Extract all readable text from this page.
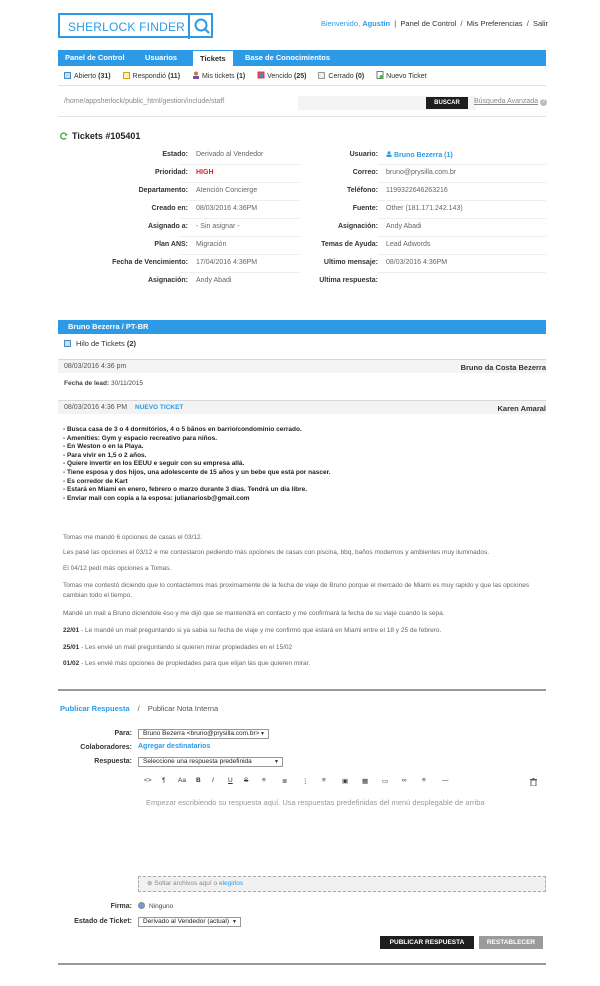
SHERLOCK FINDER	Bienvenido, Agustín  |  Panel de Control  /  Mis Preferencias  /  Salir
Panel de Control	Usuarios	Tickets	Base de Conocimientos
Abierto (31)	Respondió (11)	Mis tickets (1)	Vencido (25)	Cerrado (0)	Nuevo Ticket
/home/appsherlock/public_html/gestion/include/staff	BUSCAR	Búsqueda Avanzada ?
Tickets #105401
Estado: Derivado al Vendedor
Prioridad: HIGH
Departamento: Atención Concierge
Creado en: 08/03/2016 4:36PM
Asignado a: - Sin asignar -
Plan ANS: Migración
Fecha de Vencimiento: 17/04/2016 4:36PM
Asignación: Andy Abadi
Usuario:	Bruno Bezerra (1)
Correo: bruno@prysilla.com.br
Teléfono: 1199322646263216
Fuente: Other (181.171.242.143)
Asignación: Andy Abadi
Temas de Ayuda: Lead Adwords
Ultimo mensaje: 08/03/2016 4:36PM
Ultima respuesta:
Bruno Bezerra / PT-BR
Hilo de Tickets (2)
08/03/2016 4:36 pm	Bruno da Costa Bezerra
Fecha de lead: 30/11/2015
08/03/2016 4:36 PM NUEVO TICKET	Karen Amaral
- Busca casa de 3 o 4 dormitórios, 4 o 5 bãnos en barrio/condominio cerrado.
- Amenities: Gym y espacio recreativo para niños.
- En Weston o en la Playa.
- Para vivir en 1,5 o 2 años.
- Quiere invertir en los EEUU e seguir con su empresa allá.
- Tiene esposa y dos hijos, una adolescente de 15 años y un bebe que está por nascer.
- Es corredor de Kart
- Estará en Miami en enero, febrero o marzo durante 3 días. Tendrá un día libre.
- Enviar mail con copia a la esposa: julianariosb@gmail.com
Tomas me mandó 6 opciones de casas el 03/12.
Les pasé las opciones el 03/12 e me contestaron pediendo más opciones de casas con piscina, bbq, baños modernos y ambientes muy iluminados.
El 04/12 pedí más opciones a Tomas.
Tomas me contestó diciendo que lo contactemos mas proximamente de la fecha de viaje de Bruno porque el mercado de Miami es muy rapido y que las opciones cambian todo el tiempo.
Mandé un mail a Bruno diciendole éso y me dijó que se mantendrá en contacto y me confirmará la fecha de su viaje cuando la sepa.
22/01 - Le mandé un mail preguntando si ya sabia su fecha de viaje y me confirmó que estará en Miami entre el 18 y 25 de febrero.
25/01 - Les envié un mail preguntando si quieren mirar propiedades en el 15/02
01/02 - Les envié más opciones de propiedades para que elijan las que quieren mirar.
Publicar Respuesta / Publicar Nota Interna
Para:	Bruno Bezerra <bruno@prysilla.com.br> ▼
Colaboradores: Agregar destinatarios
Respuesta:	Seleccione una respuesta predefinida ▼
<> ¶ Aa B I U S ≡ ≣ ⋮ ≡ ▣ ▦ ▭ ∞ ≡ —
Empezar escribiendo su respuesta aquí. Usa respuestas predefinidas del menú desplegable de arriba
⊕ Soltar archivos aquí o elegirlos
Firma:	Ninguno
Estado de Ticket:	Derivado al Vendedor (actual) ▼
PUBLICAR RESPUESTA	RESTABLECER
